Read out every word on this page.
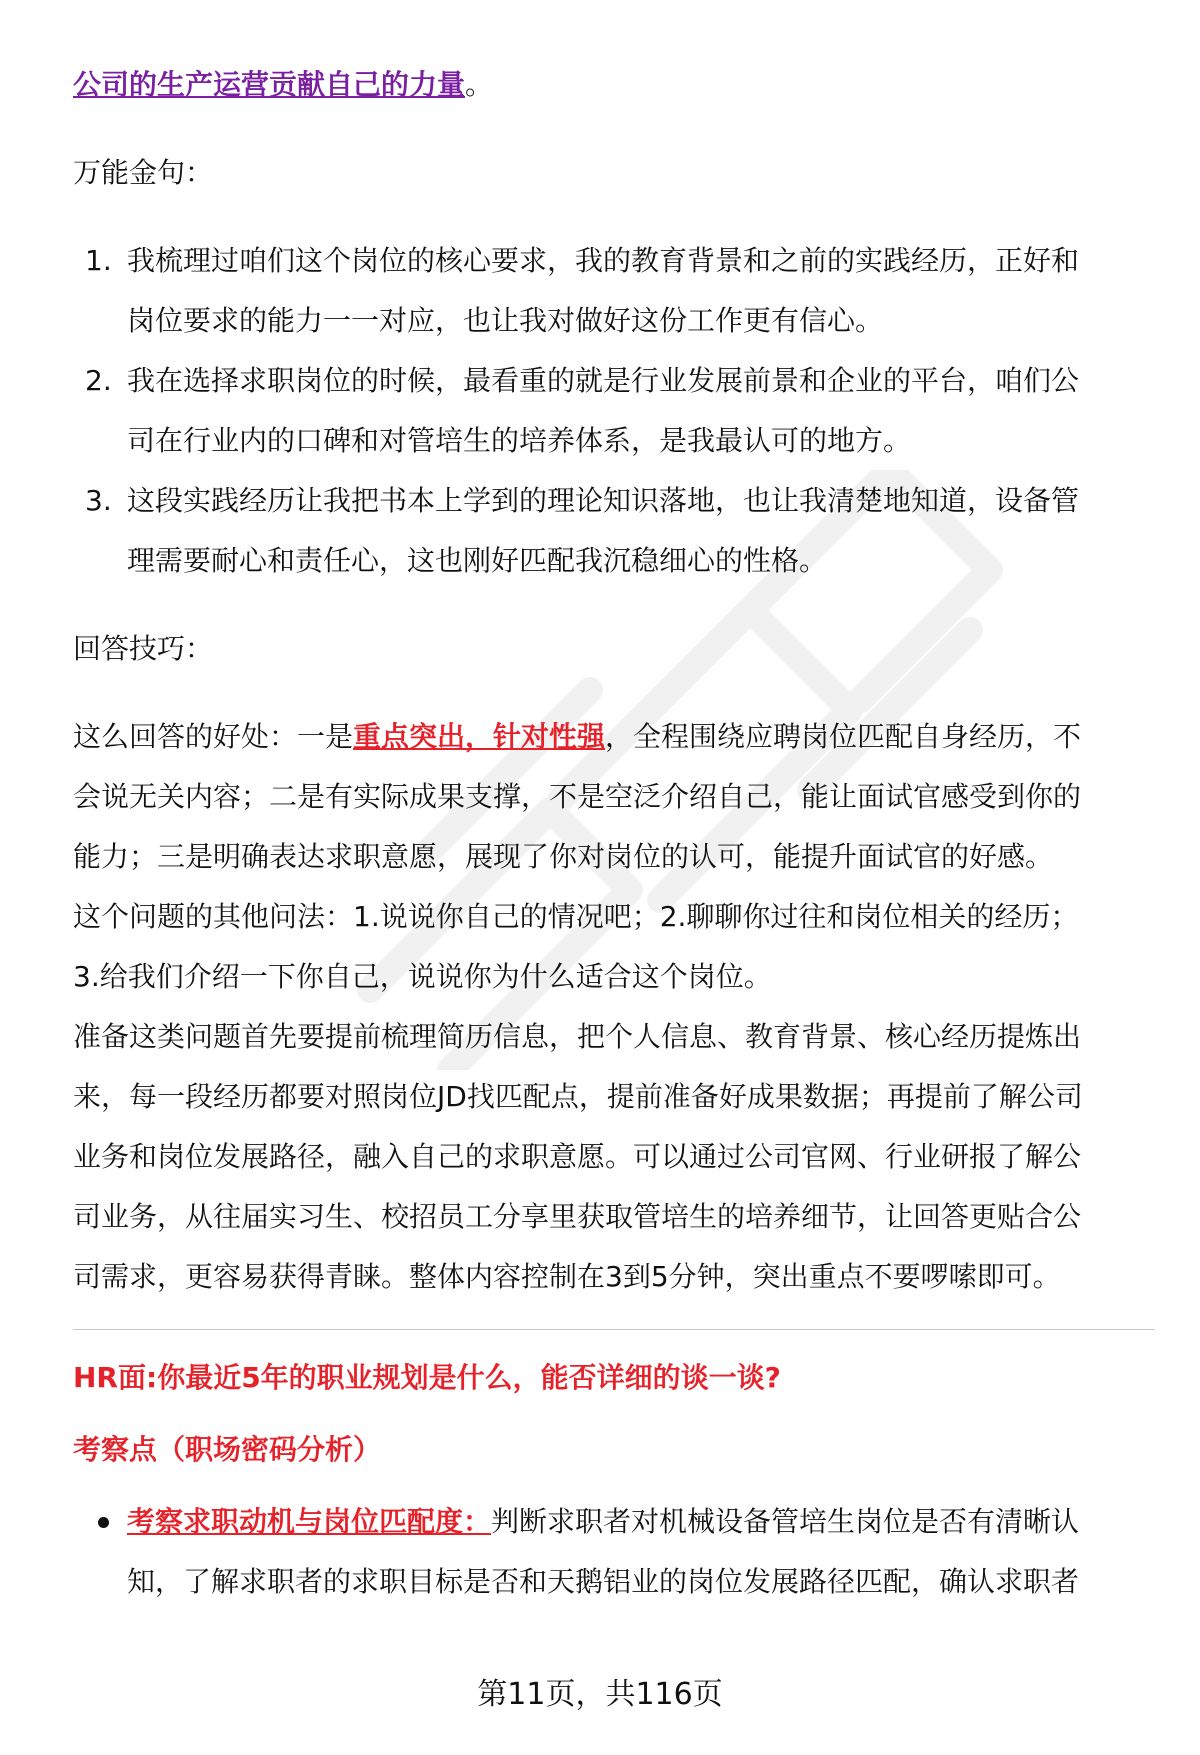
公司的生产运营贡献自己的力量。
万能金句：
1. 我梳理过咱们这个岗位的核心要求，我的教育背景和之前的实践经历，正好和
岗位要求的能力一一对应，也让我对做好这份工作更有信心。
2. 我在选择求职岗位的时候，最看重的就是行业发展前景和企业的平台，咱们公
司在行业内的口碑和对管培生的培养体系，是我最认可的地方。
3. 这段实践经历让我把书本上学到的理论知识落地，也让我清楚地知道，设备管
理需要耐心和责任心，这也刚好匹配我沉稳细心的性格。
回答技巧：
这么回答的好处：一是重点突出，针对性强，全程围绕应聘岗位匹配自身经历，不
会说无关内容；二是有实际成果支撑，不是空泛介绍自己，能让面试官感受到你的
能力；三是明确表达求职意愿，展现了你对岗位的认可，能提升面试官的好感。
这个问题的其他问法：1.说说你自己的情况吧；2.聊聊你过往和岗位相关的经历；
3.给我们介绍一下你自己，说说你为什么适合这个岗位。
准备这类问题首先要提前梳理简历信息，把个人信息、教育背景、核心经历提炼出
来，每一段经历都要对照岗位JD找匹配点，提前准备好成果数据；再提前了解公司
业务和岗位发展路径，融入自己的求职意愿。可以通过公司官网、行业研报了解公
司业务，从往届实习生、校招员工分享里获取管培生的培养细节，让回答更贴合公
司需求，更容易获得青睐。整体内容控制在3到5分钟，突出重点不要啰嗦即可。
HR面:你最近5年的职业规划是什么，能否详细的谈一谈?
考察点（职场密码分析）
考察求职动机与岗位匹配度：判断求职者对机械设备管培生岗位是否有清晰认
知，了解求职者的求职目标是否和天鹅铝业的岗位发展路径匹配，确认求职者
第11页，共116页
